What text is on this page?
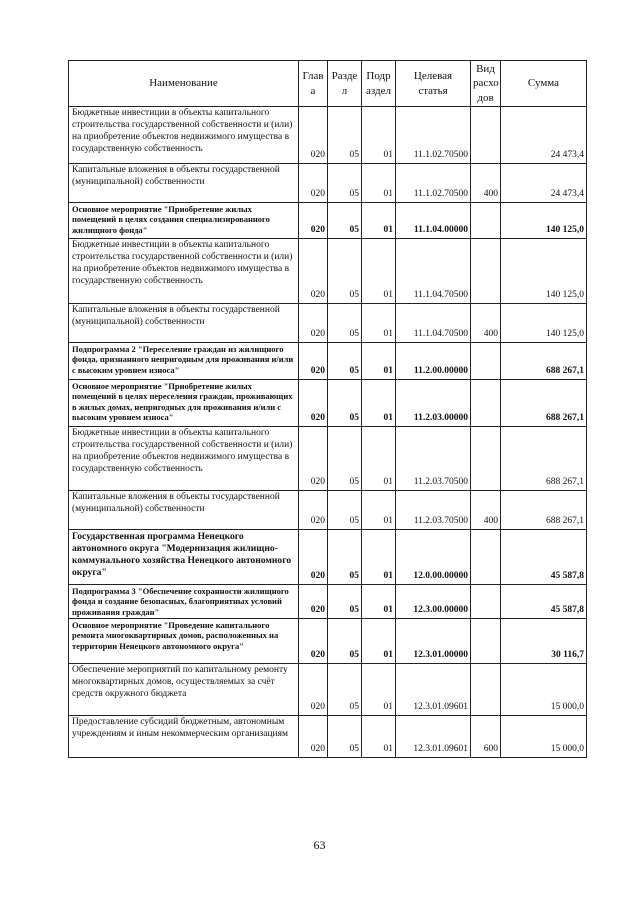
Наименование	Глав а	Разде л	Подр аздел	Целевая статья	Вид расхо дов	Сумма
Бюджетные инвестиции в объекты капитального строительства государственной собственности и (или) на приобретение объектов недвижимого имущества в государственную собственность	020	05	01	11.1.02.70500		24 473,4
Капитальные вложения в объекты государственной (муниципальной) собственности	020	05	01	11.1.02.70500	400	24 473,4
Основное мероприятие "Приобретение жилых помещений в целях создания специализированного жилищного фонда"	020	05	01	11.1.04.00000		140 125,0
Бюджетные инвестиции в объекты капитального строительства государственной собственности и (или) на приобретение объектов недвижимого имущества в государственную собственность	020	05	01	11.1.04.70500		140 125,0
Капитальные вложения в объекты государственной (муниципальной) собственности	020	05	01	11.1.04.70500	400	140 125,0
Подпрограмма 2 "Переселение граждан из жилищного фонда, признанного непригодным для проживания и/или с высоким уровнем износа"	020	05	01	11.2.00.00000		688 267,1
Основное мероприятие "Приобретение жилых помещений в целях переселения граждан, проживающих в жилых домах, непригодных для проживания и/или с высоким уровнем износа"	020	05	01	11.2.03.00000		688 267,1
Бюджетные инвестиции в объекты капитального строительства государственной собственности и (или) на приобретение объектов недвижимого имущества в государственную собственность	020	05	01	11.2.03.70500		688 267,1
Капитальные вложения в объекты государственной (муниципальной) собственности	020	05	01	11.2.03.70500	400	688 267,1
Государственная программа Ненецкого автономного округа "Модернизация жилищно-коммунального хозяйства Ненецкого автономного округа"	020	05	01	12.0.00.00000		45 587,8
Подпрограмма 3 "Обеспечение сохранности жилищного фонда и создание безопасных, благоприятных условий проживания граждан"	020	05	01	12.3.00.00000		45 587,8
Основное мероприятие "Проведение капитального ремонта многоквартирных домов, расположенных на территории Ненецкого автономного округа"	020	05	01	12.3.01.00000		30 116,7
Обеспечение мероприятий по капитальному ремонту многоквартирных домов, осуществляемых за счёт средств окружного бюджета	020	05	01	12.3.01.09601		15 000,0
Предоставление субсидий бюджетным, автономным учреждениям и иным некоммерческим организациям	020	05	01	12.3.01.09601	600	15 000,0
63
